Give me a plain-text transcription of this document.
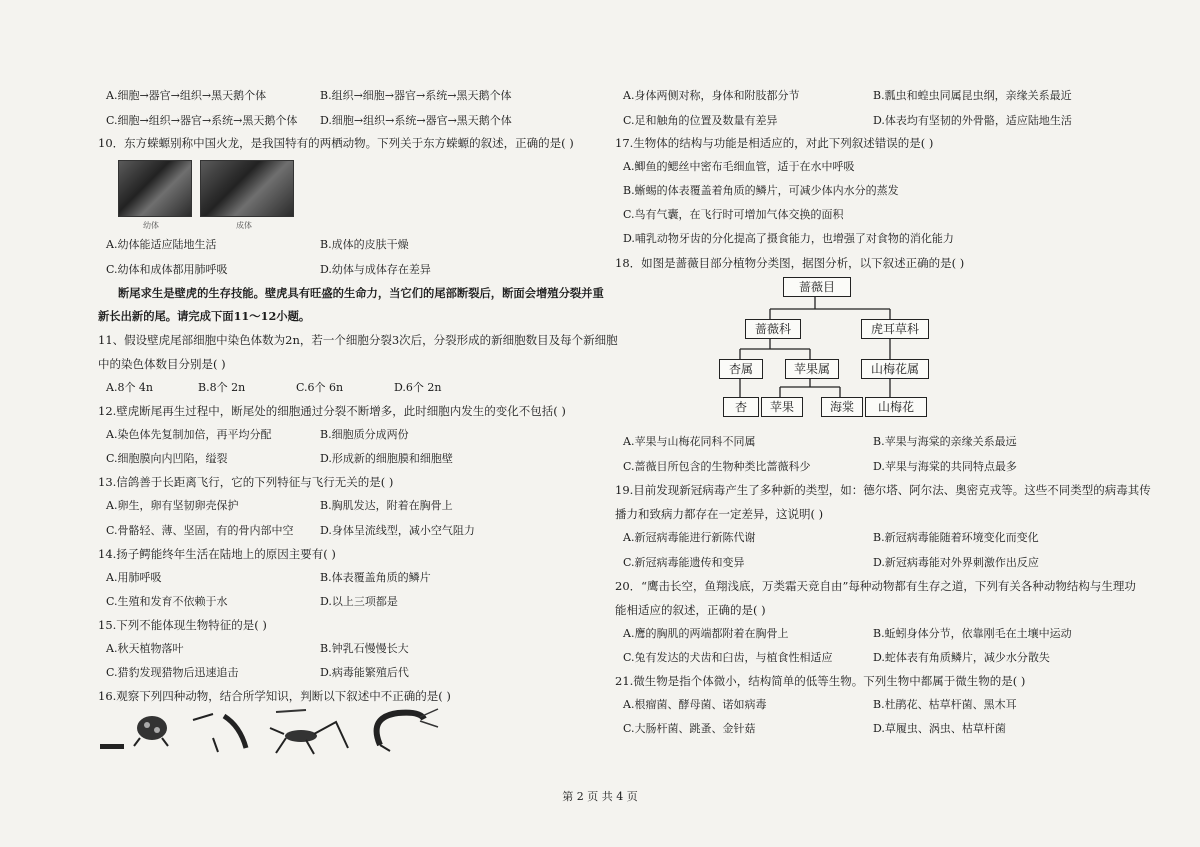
A.细胞→器官→组织→黑天鹅个体	B.组织→细胞→器官→系统→黑天鹅个体
C.细胞→组织→器官→系统→黑天鹅个体 D.细胞→组织→系统→器官→黑天鹅个体
10．东方蝾螈别称中国火龙，是我国特有的两栖动物。下列关于东方蝾螈的叙述，正确的是( )
幼体	成体
A.幼体能适应陆地生活	B.成体的皮肤干燥
C.幼体和成体都用肺呼吸	D.幼体与成体存在差异
断尾求生是壁虎的生存技能。壁虎具有旺盛的生命力，当它们的尾部断裂后，断面会增殖分裂并重
新长出新的尾。请完成下面11～12小题。
11、假设壁虎尾部细胞中染色体数为2n，若一个细胞分裂3次后，分裂形成的新细胞数目及每个新细胞
中的染色体数目分别是( )
A.8个 4n	B.8个 2n	C.6个 6n	D.6个 2n
12.壁虎断尾再生过程中，断尾处的细胞通过分裂不断增多，此时细胞内发生的变化不包括( )
A.染色体先复制加倍，再平均分配	B.细胞质分成两份
C.细胞膜向内凹陷，缢裂	D.形成新的细胞膜和细胞壁
13.信鸽善于长距离飞行，它的下列特征与飞行无关的是( )
A.卵生，卵有坚韧卵壳保护	B.胸肌发达，附着在胸骨上
C.骨骼轻、薄、坚固，有的骨内部中空 D.身体呈流线型，减小空气阻力
14.扬子鳄能终年生活在陆地上的原因主要有( )
A.用肺呼吸	B.体表覆盖角质的鳞片
C.生殖和发育不依赖于水	D.以上三项都是
15.下列不能体现生物特征的是( )
A.秋天植物落叶	B.钟乳石慢慢长大
C.猎豹发现猎物后迅速追击	D.病毒能繁殖后代
16.观察下列四种动物，结合所学知识，判断以下叙述中不正确的是( )
A.身体两侧对称，身体和附肢都分节	B.瓢虫和蝗虫同属昆虫纲，亲缘关系最近
C.足和触角的位置及数量有差异	D.体表均有坚韧的外骨骼，适应陆地生活
17.生物体的结构与功能是相适应的，对此下列叙述错误的是( )
A.鲫鱼的鳃丝中密布毛细血管，适于在水中呼吸
B.蜥蜴的体表覆盖着角质的鳞片，可减少体内水分的蒸发
C.鸟有气囊，在飞行时可增加气体交换的面积
D.哺乳动物牙齿的分化提高了摄食能力，也增强了对食物的消化能力
18．如图是蔷薇目部分植物分类图，据图分析，以下叙述正确的是( )
蔷薇目
蔷薇科	虎耳草科
杏属	苹果属	山梅花属
杏	苹果	海棠	山梅花
A.苹果与山梅花同科不同属	B.苹果与海棠的亲缘关系最远
C.蔷薇目所包含的生物种类比蔷薇科少	D.苹果与海棠的共同特点最多
19.目前发现新冠病毒产生了多种新的类型，如：德尔塔、阿尔法、奥密克戎等。这些不同类型的病毒其传
播力和致病力都存在一定差异，这说明( )
A.新冠病毒能进行新陈代谢	B.新冠病毒能随着环境变化而变化
C.新冠病毒能遗传和变异	D.新冠病毒能对外界刺激作出反应
20．“鹰击长空，鱼翔浅底，万类霜天竞自由”每种动物都有生存之道，下列有关各种动物结构与生理功
能相适应的叙述，正确的是( )
A.鹰的胸肌的两端都附着在胸骨上	B.蚯蚓身体分节，依靠刚毛在土壤中运动
C.兔有发达的犬齿和臼齿，与植食性相适应	D.蛇体表有角质鳞片，减少水分散失
21.微生物是指个体微小，结构简单的低等生物。下列生物中都属于微生物的是( )
A.根瘤菌、酵母菌、诺如病毒	B.杜鹃花、枯草杆菌、黑木耳
C.大肠杆菌、跳蚤、金针菇	D.草履虫、涡虫、枯草杆菌
第 2 页 共 4 页
